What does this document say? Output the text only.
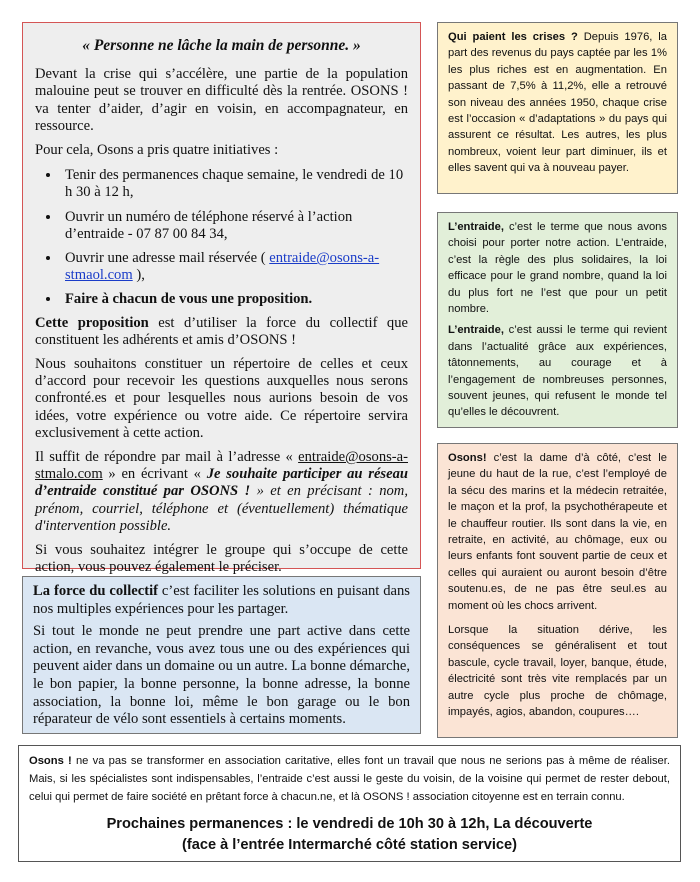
« Personne ne lâche la main de personne. »

Devant la crise qui s’accélère, une partie de la population malouine peut se trouver en difficulté dès la rentrée. OSONS ! va tenter d’aider, d’agir en voisin, en accompagnateur, en ressource.

Pour cela, Osons a pris quatre initiatives :

• Tenir des permanences chaque semaine, le vendredi de 10 h 30 à 12 h,
• Ouvrir un numéro de téléphone réservé à l’action d’entraide - 07 87 00 84 34,
• Ouvrir une adresse mail réservée ( entraide@osons-a-stmaol.com ),
• Faire à chacun de vous une proposition.

Cette proposition est d’utiliser la force du collectif que constituent les adhérents et amis d’OSONS !

Nous souhaitons constituer un répertoire de celles et ceux d’accord pour recevoir les questions auxquelles nous serons confronté.es et pour lesquelles nous aurions besoin de vos idées, votre expérience ou votre aide. Ce répertoire servira exclusivement à cette action.

Il suffit de répondre par mail à l’adresse « entraide@osons-a-stmalo.com » en écrivant « Je souhaite participer au réseau d’entraide constitué par OSONS ! » et en précisant : nom, prénom, courriel, téléphone et (éventuellement) thématique d'intervention possible.

Si vous souhaitez intégrer le groupe qui s’occupe de cette action, vous pouvez également le préciser.

La force du collectif c’est faciliter les solutions en puisant dans nos multiples expériences pour les partager.

Si tout le monde ne peut prendre une part active dans cette action, en revanche, vous avez tous une ou des expériences qui peuvent aider dans un domaine ou un autre. La bonne démarche, le bon papier, la bonne personne, la bonne adresse, la bonne association, la bonne loi, même le bon garage ou le bon réparateur de vélo sont essentiels à certains moments.

Qui paient les crises ? Depuis 1976, la part des revenus du pays captée par les 1% les plus riches est en augmentation. En passant de 7,5% à 11,2%, elle a retrouvé son niveau des années 1950, chaque crise est l’occasion « d’adaptations » du pays qui assurent ce résultat. Les autres, les plus nombreux, voient leur part diminuer, ils et elles savent qui va à nouveau payer.

L’entraide, c’est le terme que nous avons choisi pour porter notre action. L’entraide, c’est la règle des plus solidaires, la loi efficace pour le grand nombre, quand la loi du plus fort ne l’est que pour un petit nombre.

L’entraide, c’est aussi le terme qui revient dans l’actualité grâce aux expériences, tâtonnements, au courage et à l’engagement de nombreuses personnes, souvent jeunes, qui refusent le monde tel qu’elles le découvrent.

Osons! c’est la dame d’à côté, c’est le jeune du haut de la rue, c’est l’employé de la sécu des marins et la médecin retraitée, le maçon et la prof, la psychothérapeute et le chauffeur routier. Ils sont dans la vie, en retraite, en activité, au chômage, eux ou leurs enfants font souvent partie de ceux et celles qui auraient ou auront besoin d’être soutenu.es, de ne pas être seul.es au moment où les chocs arrivent.

Lorsque la situation dérive, les conséquences se généralisent et tout bascule, cycle travail, loyer, banque, étude, électricité sont très vite remplacés par un autre cycle plus proche de chômage, impayés, agios, abandon, coupures….

Osons ! ne va pas se transformer en association caritative, elles font un travail que nous ne serions pas à même de réaliser. Mais, si les spécialistes sont indispensables, l’entraide c’est aussi le geste du voisin, de la voisine qui permet de rester debout, celui qui permet de faire société en prêtant force à chacun.ne, et là OSONS ! association citoyenne est en terrain connu.
Prochaines permanences : le vendredi de 10h 30 à 12h, La découverte
(face à l’entrée Intermarché côté station service)
